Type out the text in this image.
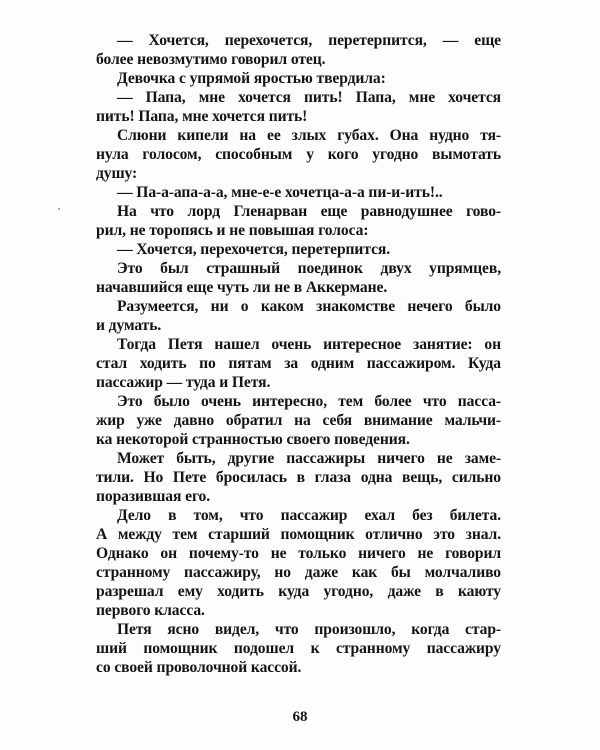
— Хочется, перехочется, перетерпится, — еще
более невозмутимо говорил отец.
Девочка с упрямой яростью твердила:
— Папа, мне хочется пить! Папа, мне хочется
пить! Папа, мне хочется пить!
Слюни кипели на ее злых губах. Она нудно тя-
нула голосом, способным у кого угодно вымотать
душу:
— Па-а-апа-а-а, мне-е-е хочетца-а-а пи-и-ить!..
На что лорд Гленарван еще равнодушнее гово-
рил, не торопясь и не повышая голоса:
— Хочется, перехочется, перетерпится.
Это был страшный поединок двух упрямцев,
начавшийся еще чуть ли не в Аккермане.
Разумеется, ни о каком знакомстве нечего было
и думать.
Тогда Петя нашел очень интересное занятие: он
стал ходить по пятам за одним пассажиром. Куда
пассажир — туда и Петя.
Это было очень интересно, тем более что пасса-
жир уже давно обратил на себя внимание мальчи-
ка некоторой странностью своего поведения.
Может быть, другие пассажиры ничего не заме-
тили. Но Пете бросилась в глаза одна вещь, сильно
поразившая его.
Дело в том, что пассажир ехал без билета.
А между тем старший помощник отлично это знал.
Однако он почему-то не только ничего не говорил
странному пассажиру, но даже как бы молчаливо
разрешал ему ходить куда угодно, даже в каюту
первого класса.
Петя ясно видел, что произошло, когда стар-
ший помощник подошел к странному пассажиру
со своей проволочной кассой.
68
